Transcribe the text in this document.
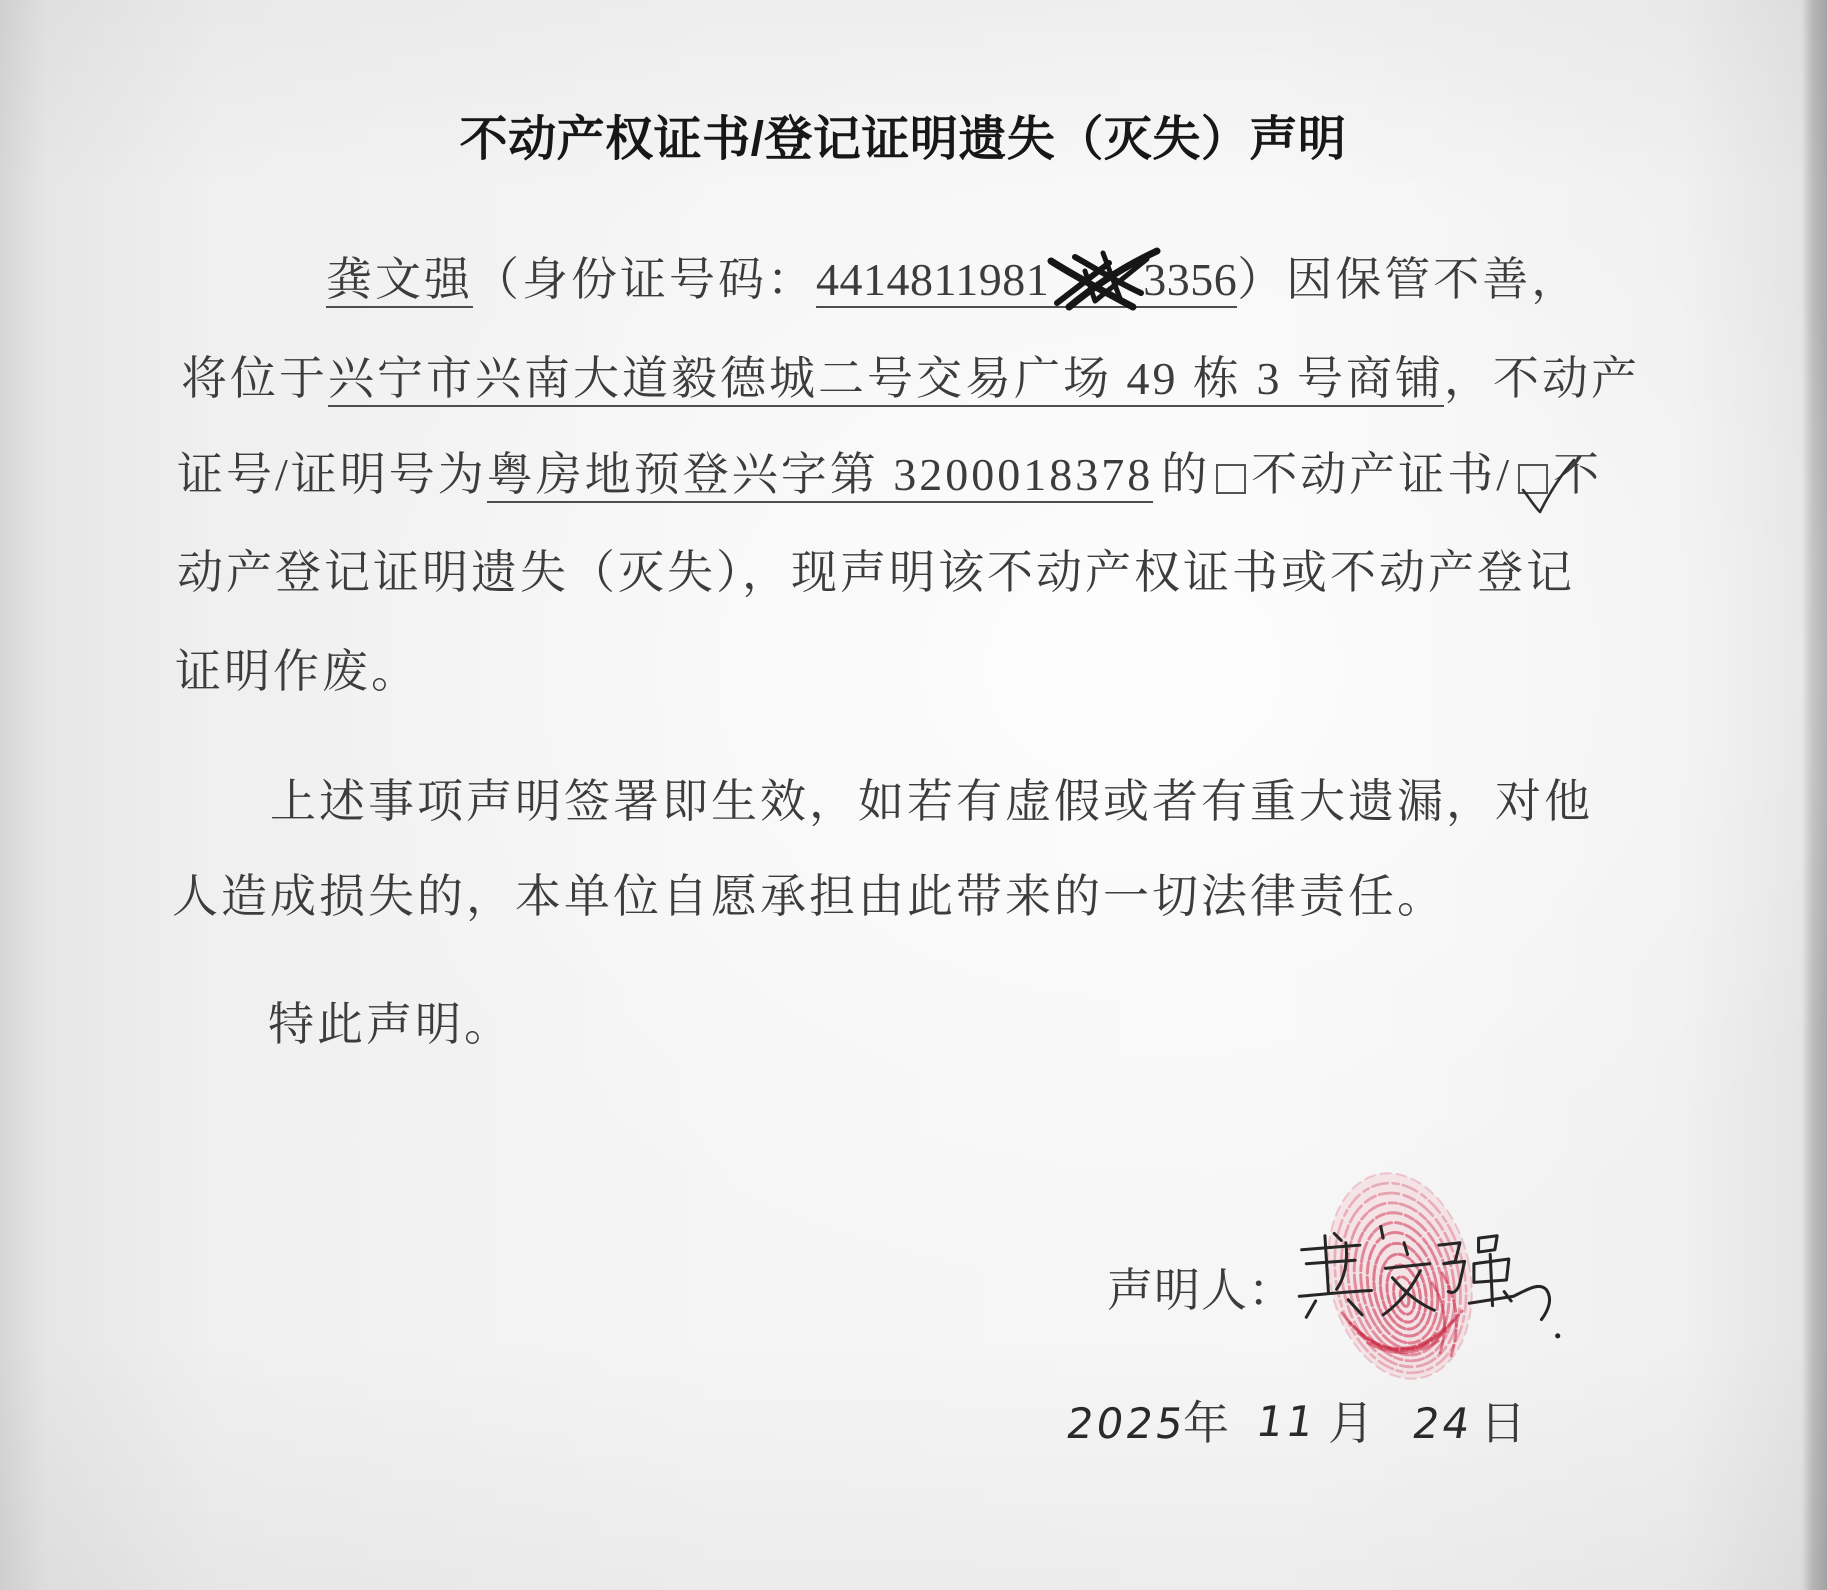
不动产权证书/登记证明遗失（灭失）声明
龚文强（身份证号码：4414811981 3356）因保管不善，
将位于兴宁市兴南大道毅德城二号交易广场 49 栋 3 号商铺，不动产
证号/证明号为粤房地预登兴字第 3200018378 的 不动产证书/ 不
动产登记证明遗失（灭失），现声明该不动产权证书或不动产登记
证明作废。
上述事项声明签署即生效，如若有虚假或者有重大遗漏，对他
人造成损失的，本单位自愿承担由此带来的一切法律责任。
特此声明。
声明人：
2025
年 11 月 24 日
